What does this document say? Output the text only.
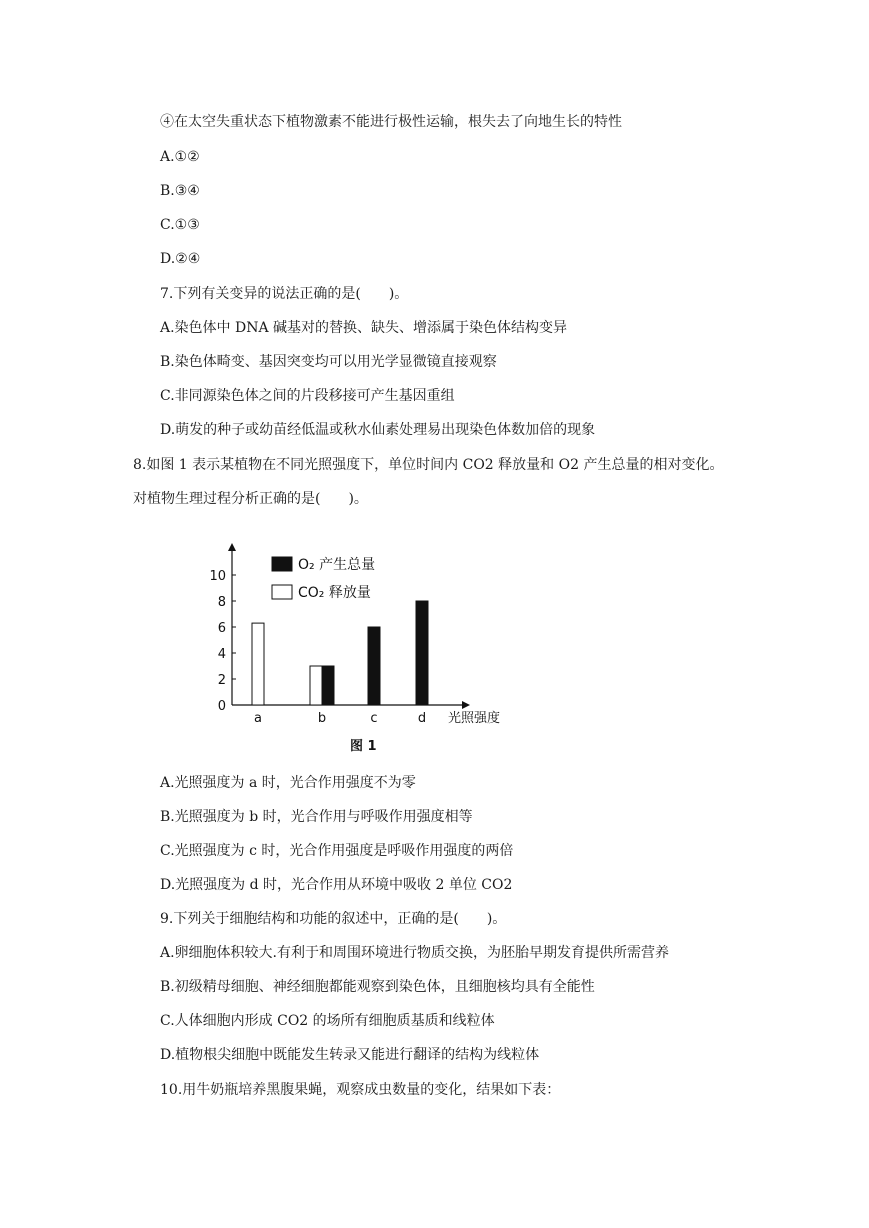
④在太空失重状态下植物激素不能进行极性运输，根失去了向地生长的特性
A.①②
B.③④
C.①③
D.②④
7.下列有关变异的说法正确的是(　　)。
A.染色体中 DNA 碱基对的替换、缺失、增添属于染色体结构变异
B.染色体畸变、基因突变均可以用光学显微镜直接观察
C.非同源染色体之间的片段移接可产生基因重组
D.萌发的种子或幼苗经低温或秋水仙素处理易出现染色体数加倍的现象
8.如图 1 表示某植物在不同光照强度下，单位时间内 CO2 释放量和 O2 产生总量的相对变化。
对植物生理过程分析正确的是(　　)。
0
2
4
6
8
10
a	b	c	d
O₂ 产生总量
CO₂ 释放量
光照强度
图 1
A.光照强度为 a 时，光合作用强度不为零
B.光照强度为 b 时，光合作用与呼吸作用强度相等
C.光照强度为 c 时，光合作用强度是呼吸作用强度的两倍
D.光照强度为 d 时，光合作用从环境中吸收 2 单位 CO2
9.下列关于细胞结构和功能的叙述中，正确的是(　　)。
A.卵细胞体积较大.有利于和周围环境进行物质交换，为胚胎早期发育提供所需营养
B.初级精母细胞、神经细胞都能观察到染色体，且细胞核均具有全能性
C.人体细胞内形成 CO2 的场所有细胞质基质和线粒体
D.植物根尖细胞中既能发生转录又能进行翻译的结构为线粒体
10.用牛奶瓶培养黑腹果蝇，观察成虫数量的变化，结果如下表：
